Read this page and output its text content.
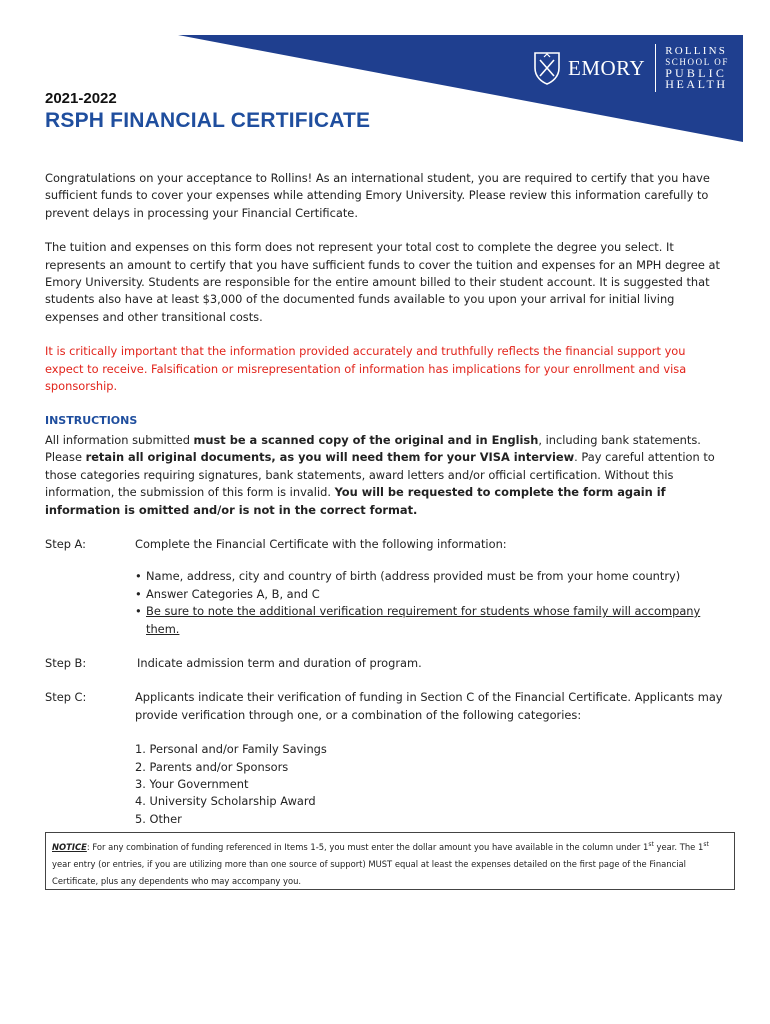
EMORY
ROLLINS
SCHOOL OF
PUBLIC
HEALTH
2021-2022
RSPH FINANCIAL CERTIFICATE

Congratulations on your acceptance to Rollins! As an international student, you are required to certify that you have sufficient funds to cover your expenses while attending Emory University. Please review this information carefully to prevent delays in processing your Financial Certificate.

The tuition and expenses on this form does not represent your total cost to complete the degree you select. It represents an amount to certify that you have sufficient funds to cover the tuition and expenses for an MPH degree at Emory University. Students are responsible for the entire amount billed to their student account. It is suggested that students also have at least $3,000 of the documented funds available to you upon your arrival for initial living expenses and other transitional costs.

It is critically important that the information provided accurately and truthfully reflects the financial support you expect to receive. Falsification or misrepresentation of information has implications for your enrollment and visa sponsorship.

INSTRUCTIONS

All information submitted must be a scanned copy of the original and in English, including bank statements. Please retain all original documents, as you will need them for your VISA interview. Pay careful attention to those categories requiring signatures, bank statements, award letters and/or official certification. Without this information, the submission of this form is invalid. You will be requested to complete the form again if information is omitted and/or is not in the correct format.

Step A:	Complete the Financial Certificate with the following information:
• Name, address, city and country of birth (address provided must be from your home country)
• Answer Categories A, B, and C
• Be sure to note the additional verification requirement for students whose family will accompany them.
Step B:	Indicate admission term and duration of program.
Step C:	Applicants indicate their verification of funding in Section C of the Financial Certificate. Applicants may provide verification through one, or a combination of the following categories:
1. Personal and/or Family Savings
2. Parents and/or Sponsors
3. Your Government
4. University Scholarship Award
5. Other
NOTICE: For any combination of funding referenced in Items 1-5, you must enter the dollar amount you have available in the column under 1st year. The 1st year entry (or entries, if you are utilizing more than one source of support) MUST equal at least the expenses detailed on the first page of the Financial Certificate, plus any dependents who may accompany you.
